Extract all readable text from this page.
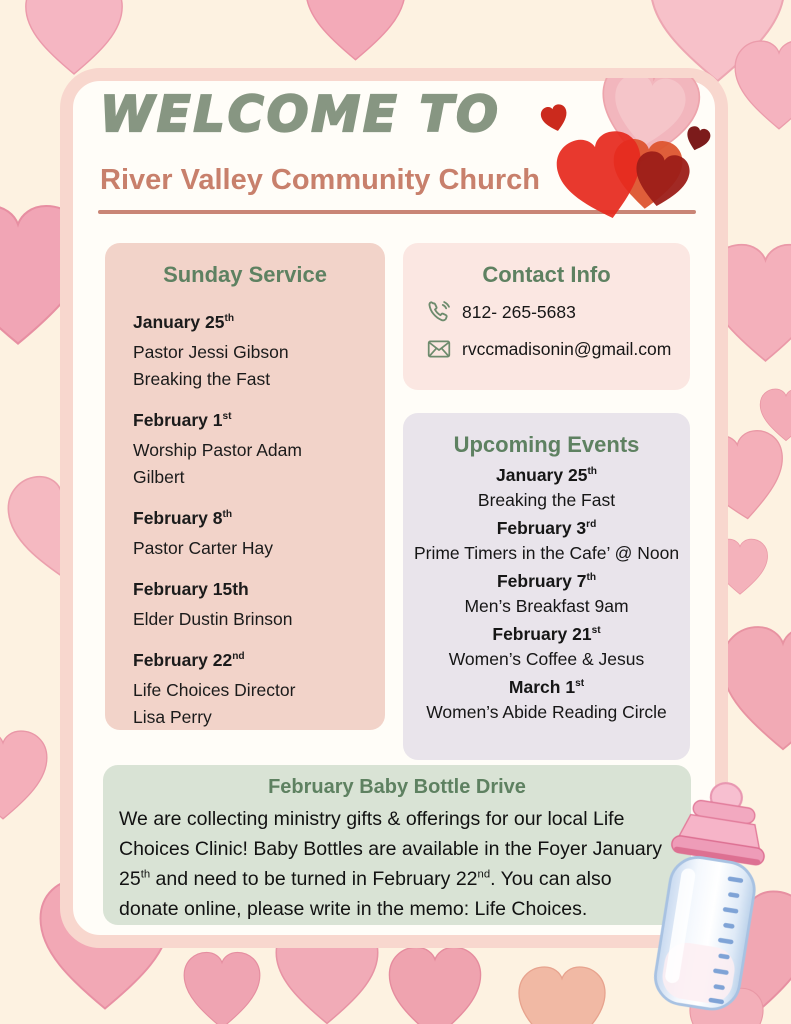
WELCOME TO
River Valley Community Church
Sunday Service
January 25th
Pastor Jessi Gibson
Breaking the Fast
February 1st
Worship Pastor Adam
Gilbert
February 8th
Pastor Carter Hay
February 15th
Elder Dustin Brinson
February 22nd
Life Choices Director
Lisa Perry
Contact Info
812- 265-5683
rvccmadisonin@gmail.com
Upcoming Events
January 25th
Breaking the Fast
February 3rd
Prime Timers in the Cafe’ @ Noon
February 7th
Men’s Breakfast 9am
February 21st
Women’s Coffee & Jesus
March 1st
Women’s Abide Reading Circle
February Baby Bottle Drive
We are collecting ministry gifts & offerings for our local Life Choices Clinic! Baby Bottles are available in the Foyer January 25th and need to be turned in February 22nd. You can also donate online, please write in the memo: Life Choices.
